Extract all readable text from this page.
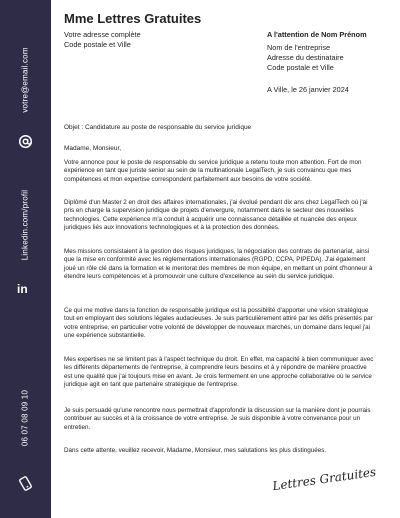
votre@email.com
Linkedin.com/profil
in
06 07 08 09 10
Mme Lettres Gratuites
Votre adresse complète
Code postale et Ville
A l'attention de Nom Prénom
Nom de l'entreprise
Adresse du destinataire
Code postale et Ville
A Ville, le 26 janvier 2024
Objet : Candidature au poste de responsable du service juridique
Madame, Monsieur,

Votre annonce pour le poste de responsable du service juridique a retenu toute mon attention. Fort de mon expérience en tant que juriste senior au sein de la multinationale LegalTech, je suis convaincu que mes compétences et mon expertise correspondent parfaitement aux besoins de votre société.

Diplômé d'un Master 2 en droit des affaires internationales, j'ai évolué pendant dix ans chez LegalTech où j'ai pris en charge la supervision juridique de projets d'envergure, notamment dans le secteur des nouvelles technologies. Cette expérience m'a conduit à acquérir une connaissance détaillée et nuancée des enjeux juridiques liés aux innovations technologiques et à la protection des données.

Mes missions consistaient à la gestion des risques juridiques, la négociation des contrats de partenariat, ainsi que la mise en conformité avec les réglementations internationales (RGPD, CCPA, PIPEDA). J'ai également joué un rôle clé dans la formation et le mentorat des membres de mon équipe, en mettant un point d'honneur à étendre leurs compétences et à promouvoir une culture d'excellence au sein du service juridique.

Ce qui me motive dans la fonction de responsable juridique est la possibilité d'apporter une vision stratégique tout en employant des solutions légales audacieuses. Je suis particulièrement attiré par les défis présentés par votre entreprise, en particulier votre volonté de développer de nouveaux marchés, un domaine dans lequel j'ai une expérience substantielle.

Mes expertises ne se limitent pas à l'aspect technique du droit. En effet, ma capacité à bien communiquer avec les différents départements de l'entreprise, à comprendre leurs besoins et à y répondre de manière proactive est une qualité que j'ai toujours mise en avant. Je crois fermement en une approche collaborative où le service juridique agit en tant que partenaire stratégique de l'entreprise.

Je suis persuadé qu'une rencontre nous permettrait d'approfondir la discussion sur la manière dont je pourrais contribuer au succès et à la croissance de votre entreprise. Je suis disponible à votre convenance pour un entretien.

Dans cette attente, veuillez recevoir, Madame, Monsieur, mes salutations les plus distinguées.

Lettres Gratuites
